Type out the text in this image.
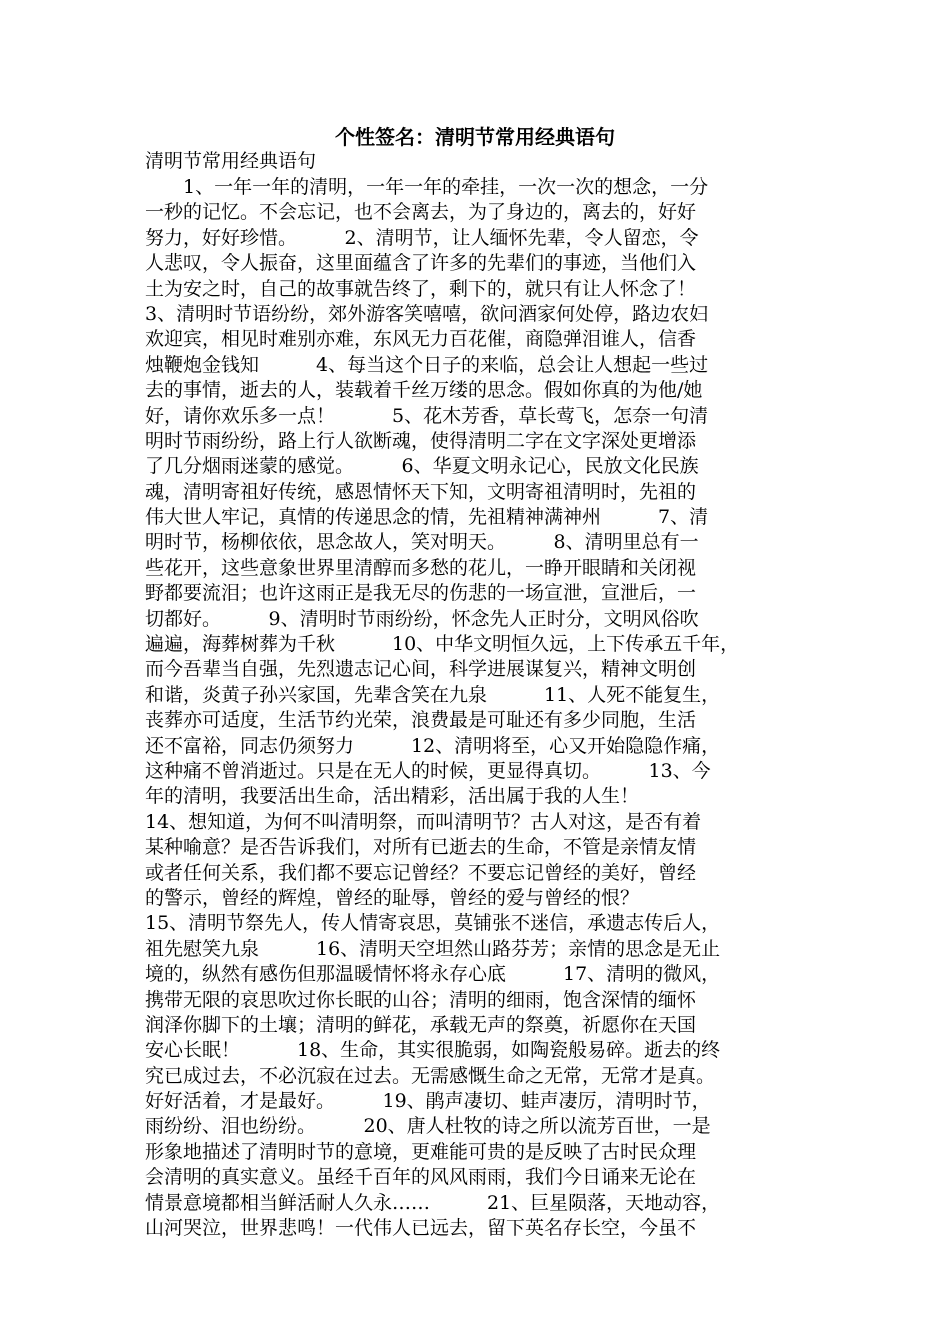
个性签名：清明节常用经典语句
清明节常用经典语句
　　1、一年一年的清明，一年一年的牵挂，一次一次的想念，一分
一秒的记忆。不会忘记，也不会离去，为了身边的，离去的，好好
努力，好好珍惜。　　　2、清明节，让人缅怀先辈，令人留恋，令
人悲叹，令人振奋，这里面蕴含了许多的先辈们的事迹，当他们入
土为安之时，自己的故事就告终了，剩下的，就只有让人怀念了！
3、清明时节语纷纷，郊外游客笑嘻嘻，欲问酒家何处停，路边农妇
欢迎宾，相见时难别亦难，东风无力百花催，商隐弹泪谁人，信香
烛鞭炮金钱知　　　4、每当这个日子的来临，总会让人想起一些过
去的事情，逝去的人，装载着千丝万缕的思念。假如你真的为他/她
好，请你欢乐多一点！　　　5、花木芳香，草长莺飞，怎奈一句清
明时节雨纷纷，路上行人欲断魂，使得清明二字在文字深处更增添
了几分烟雨迷蒙的感觉。　　　6、华夏文明永记心，民放文化民族
魂，清明寄祖好传统，感恩情怀天下知，文明寄祖清明时，先祖的
伟大世人牢记，真情的传递思念的情，先祖精神满神州　　　7、清
明时节，杨柳依依，思念故人，笑对明天。　　　8、清明里总有一
些花开，这些意象世界里清醇而多愁的花儿，一睁开眼睛和关闭视
野都要流泪；也许这雨正是我无尽的伤悲的一场宣泄，宣泄后，一
切都好。　　　9、清明时节雨纷纷，怀念先人正时分，文明风俗吹
遍遍，海葬树葬为千秋　　　10、中华文明恒久远，上下传承五千年，
而今吾辈当自强，先烈遗志记心间，科学进展谋复兴，精神文明创
和谐，炎黄子孙兴家国，先辈含笑在九泉　　　11、人死不能复生，
丧葬亦可适度，生活节约光荣，浪费最是可耻还有多少同胞，生活
还不富裕，同志仍须努力　　　12、清明将至，心又开始隐隐作痛，
这种痛不曾消逝过。只是在无人的时候，更显得真切。　　　13、今
年的清明，我要活出生命，活出精彩，活出属于我的人生！
14、想知道，为何不叫清明祭，而叫清明节？古人对这，是否有着
某种喻意？是否告诉我们，对所有已逝去的生命，不管是亲情友情
或者任何关系，我们都不要忘记曾经？不要忘记曾经的美好，曾经
的警示，曾经的辉煌，曾经的耻辱，曾经的爱与曾经的恨？
15、清明节祭先人，传人情寄哀思，莫铺张不迷信，承遗志传后人，
祖先慰笑九泉　　　16、清明天空坦然山路芬芳；亲情的思念是无止
境的，纵然有感伤但那温暖情怀将永存心底　　　17、清明的微风，
携带无限的哀思吹过你长眠的山谷；清明的细雨，饱含深情的缅怀
润泽你脚下的土壤；清明的鲜花，承载无声的祭奠，祈愿你在天国
安心长眠！　　　18、生命，其实很脆弱，如陶瓷般易碎。逝去的终
究已成过去，不必沉寂在过去。无需感慨生命之无常，无常才是真。
好好活着，才是最好。　　　19、鹃声凄切、蛙声凄厉，清明时节，
雨纷纷、泪也纷纷。　　　20、唐人杜牧的诗之所以流芳百世，一是
形象地描述了清明时节的意境，更难能可贵的是反映了古时民众理
会清明的真实意义。虽经千百年的风风雨雨，我们今日诵来无论在
情景意境都相当鲜活耐人久永……　　　21、巨星陨落，天地动容，
山河哭泣，世界悲鸣！一代伟人已远去，留下英名存长空，今虽不
